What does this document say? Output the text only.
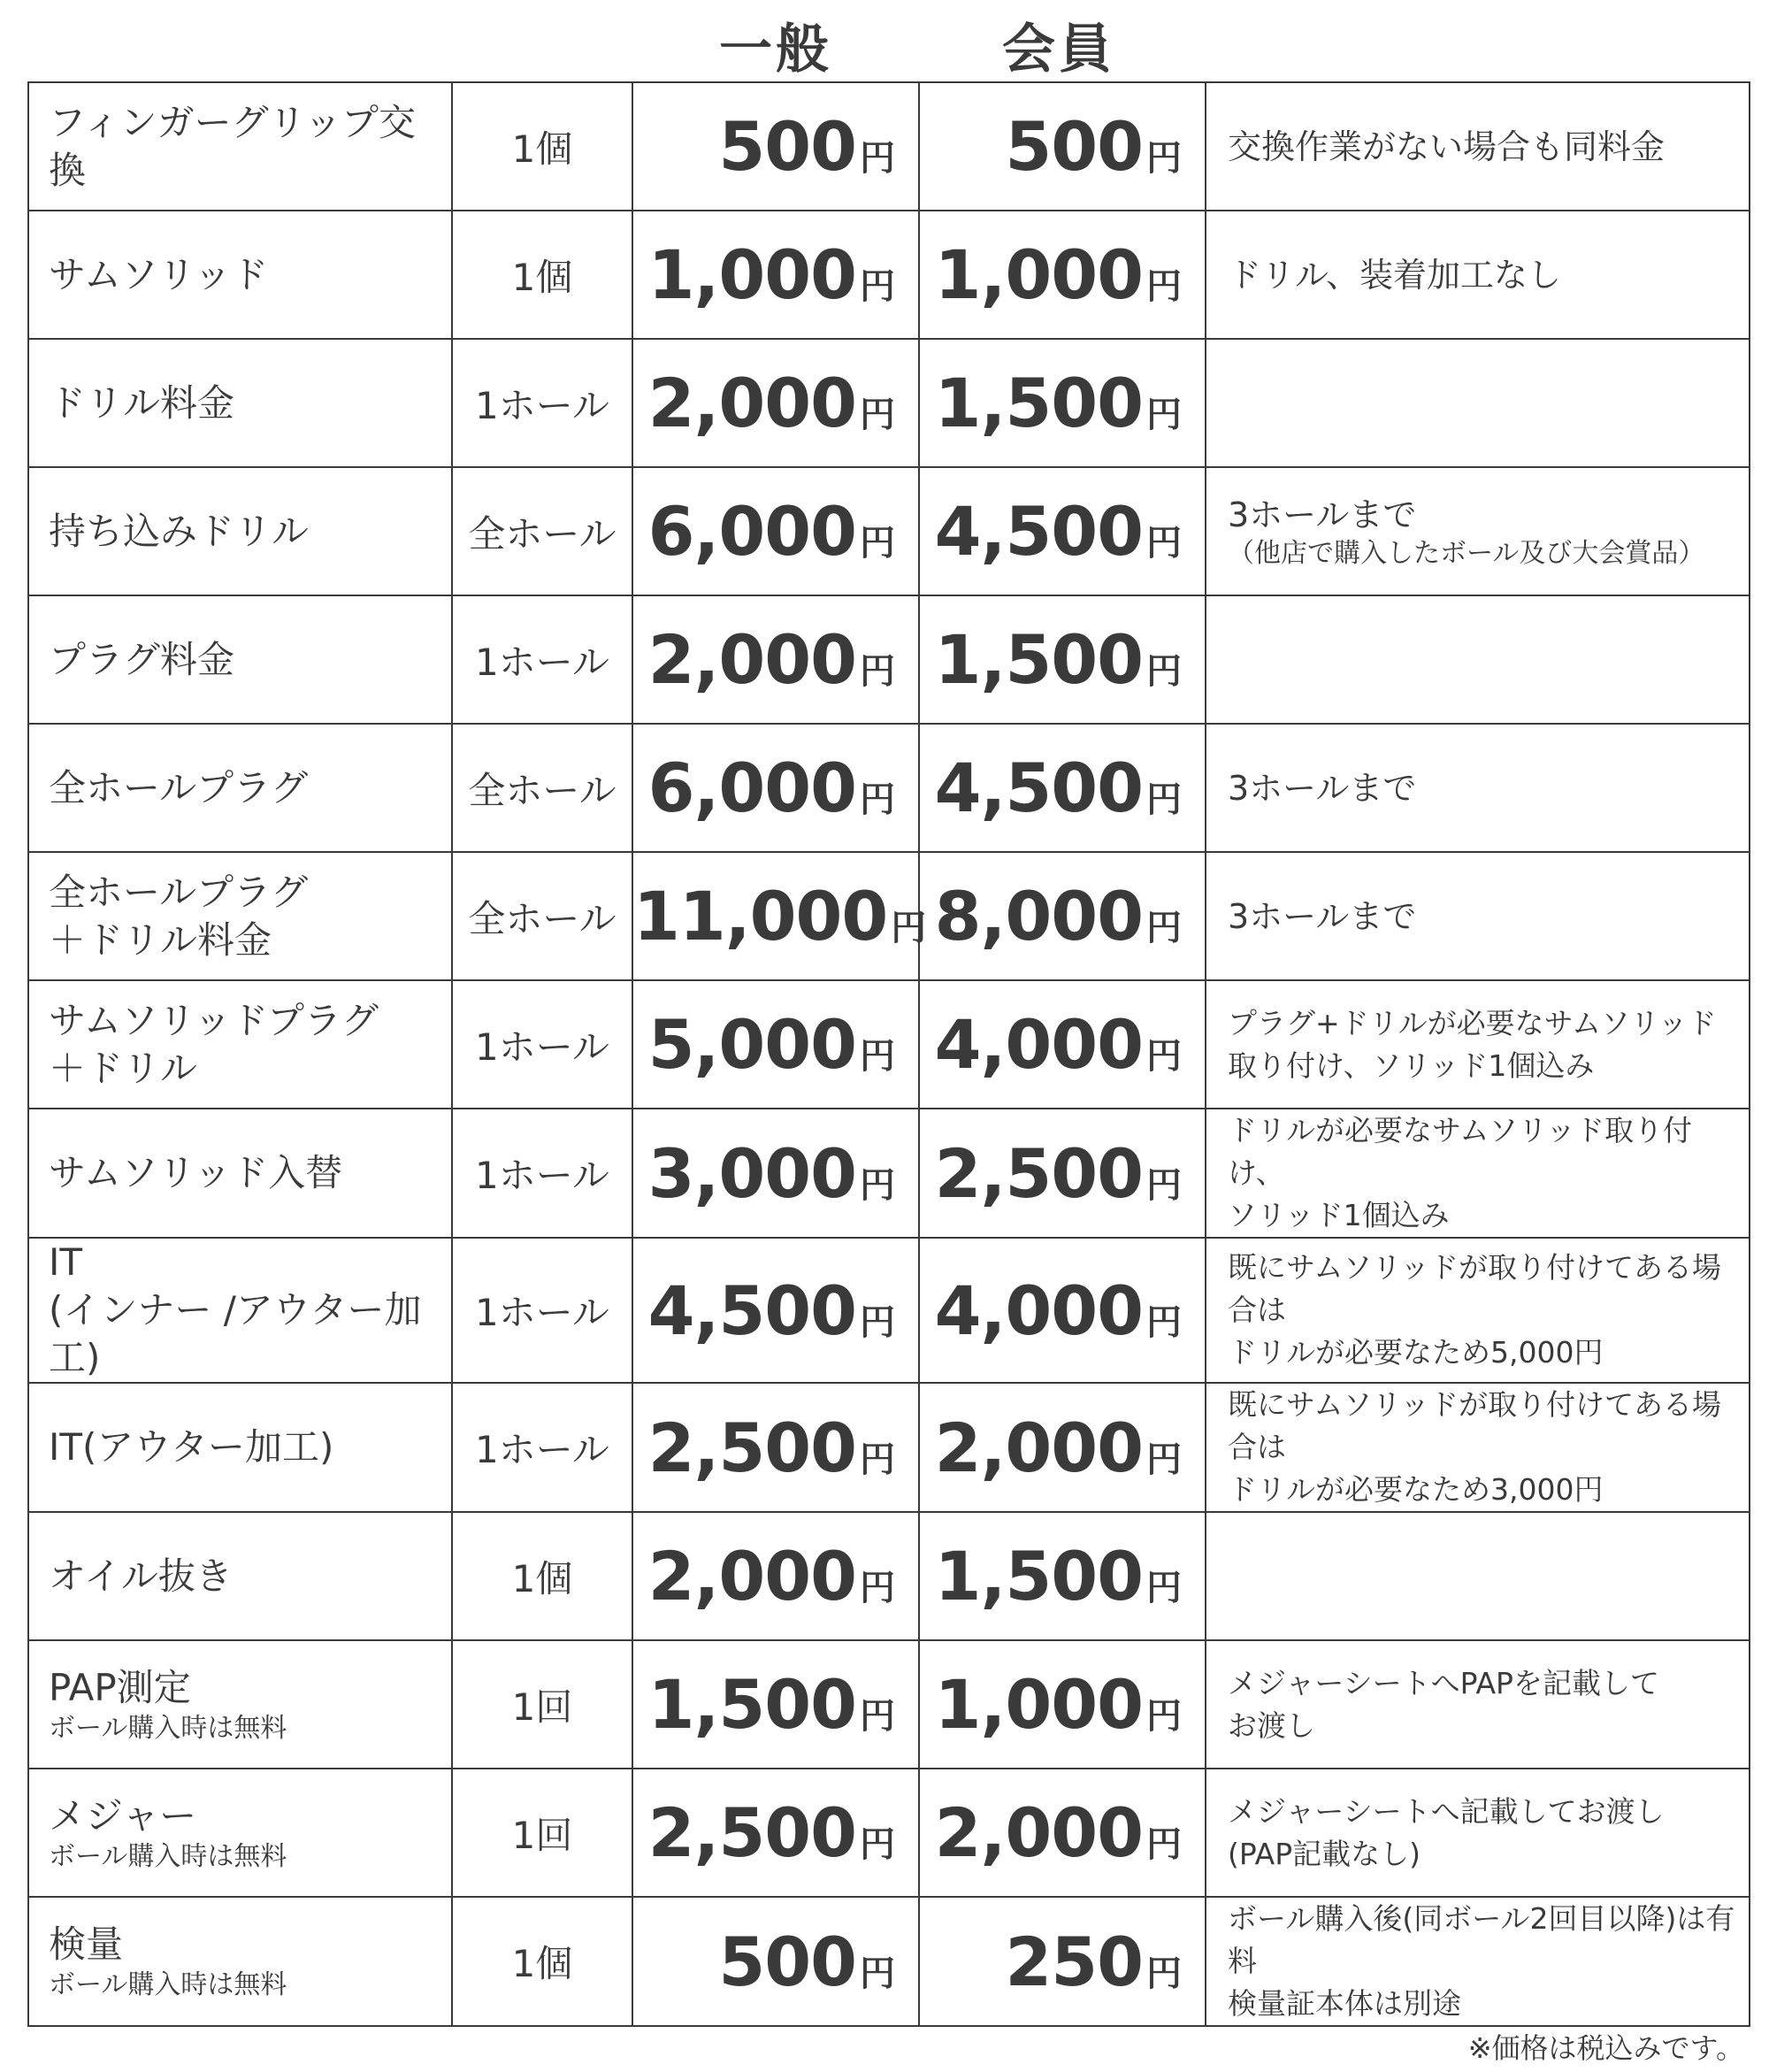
一般	会員
フィンガーグリップ交換	1個	500 円	500 円	交換作業がない場合も同料金
サムソリッド	1個	1,000 円	1,000 円	ドリル、装着加工なし
ドリル料金	1ホール	2,000 円	1,500 円	
持ち込みドリル	全ホール	6,000 円	4,500 円	3ホールまで
（他店で購入したボール及び大会賞品）

プラグ料金	1ホール	2,000 円	1,500 円	
全ホールプラグ	全ホール	6,000 円	4,500 円	3ホールまで
全ホールプラグ
＋ドリル料金	全ホール	11,000 円	8,000 円	3ホールまで
サムソリッドプラグ
＋ドリル	1ホール	5,000 円	4,000 円	プラグ+ドリルが必要なサムソリッド
取り付け、ソリッド1個込み
サムソリッド入替	1ホール	3,000 円	2,500 円	ドリルが必要なサムソリッド取り付け、
ソリッド1個込み
IT
(インナー /アウター加工)	1ホール	4,500 円	4,000 円	既にサムソリッドが取り付けてある場合は
ドリルが必要なため5,000円
IT(アウター加工)	1ホール	2,500 円	2,000 円	既にサムソリッドが取り付けてある場合は
ドリルが必要なため3,000円
オイル抜き	1個	2,000 円	1,500 円	
PAP測定
ボール購入時は無料	1回	1,500 円	1,000 円	メジャーシートへPAPを記載して
お渡し
メジャー
ボール購入時は無料	1回	2,500 円	2,000 円	メジャーシートへ記載してお渡し
(PAP記載なし)
検量
ボール購入時は無料	1個	500 円	250 円	ボール購入後(同ボール2回目以降)は有料
検量証本体は別途
※価格は税込みです。
